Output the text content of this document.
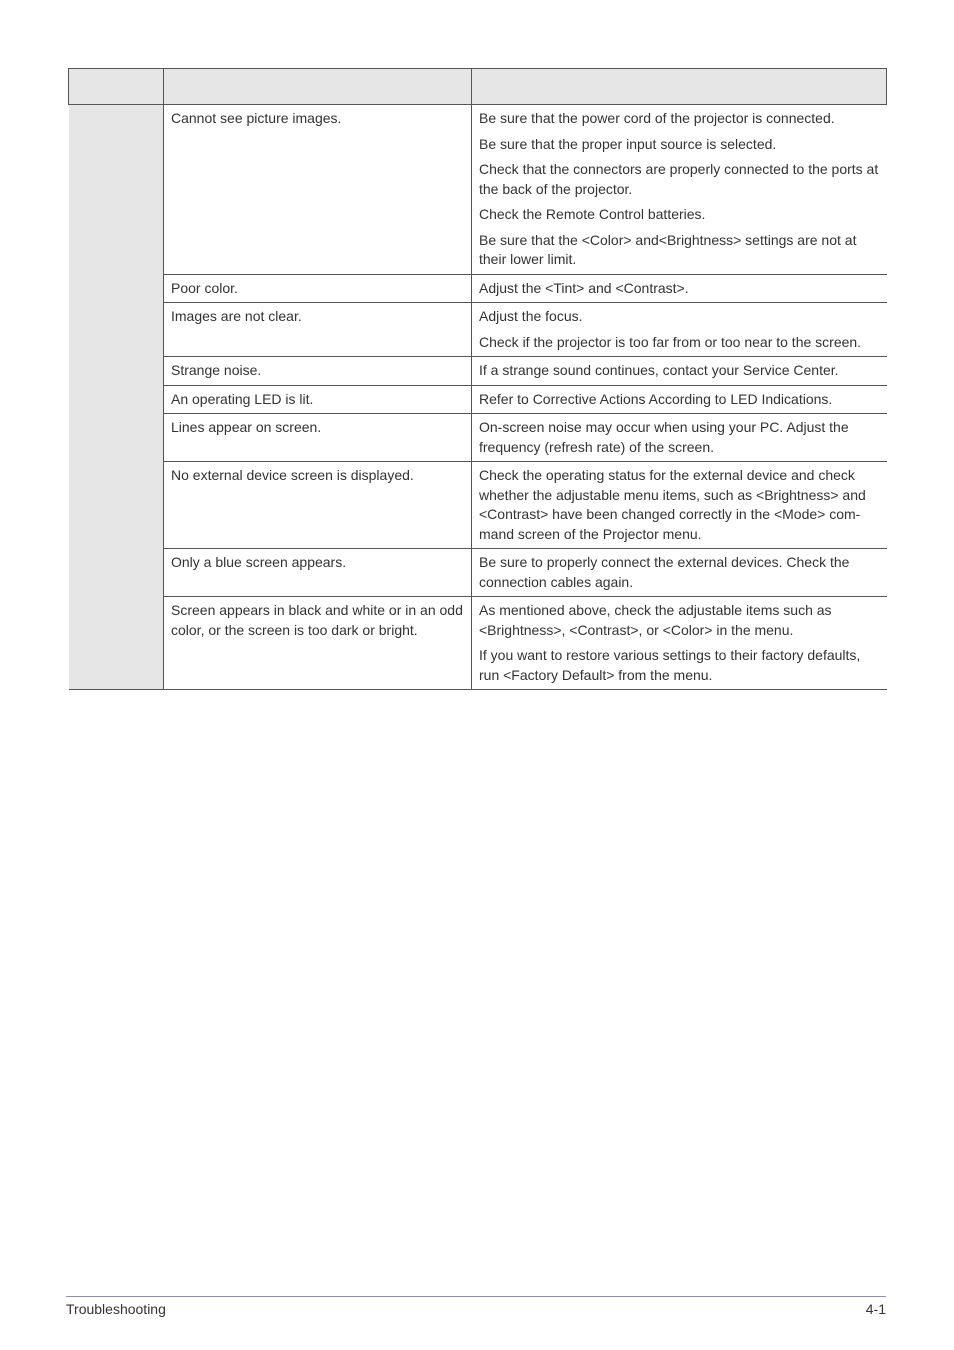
	Cannot see picture images.	Be sure that the power cord of the projector is connected.

Be sure that the proper input source is selected.

Check that the connectors are properly connected to the ports at the back of the projector.

Check the Remote Control batteries.

Be sure that the <Color> and<Brightness> settings are not at their lower limit.

	Poor color.	Adjust the <Tint> and <Contrast>.

	Images are not clear.	Adjust the focus.

Check if the projector is too far from or too near to the screen.

	Strange noise.	If a strange sound continues, contact your Service Center.

	An operating LED is lit.	Refer to Corrective Actions According to LED Indications.

	Lines appear on screen.	On-screen noise may occur when using your PC. Adjust the frequency (refresh rate) of the screen.

	No external device screen is displayed.	Check the operating status for the external device and check whether the adjustable menu items, such as <Brightness> and <Contrast> have been changed correctly in the <Mode> com-mand screen of the Projector menu.

	Only a blue screen appears.	Be sure to properly connect the external devices. Check the connection cables again.

	Screen appears in black and white or in an odd color, or the screen is too dark or bright.	As mentioned above, check the adjustable items such as <Brightness>, <Contrast>, or <Color> in the menu.

If you want to restore various settings to their factory defaults, run <Factory Default> from the menu.

Troubleshooting	4-1
